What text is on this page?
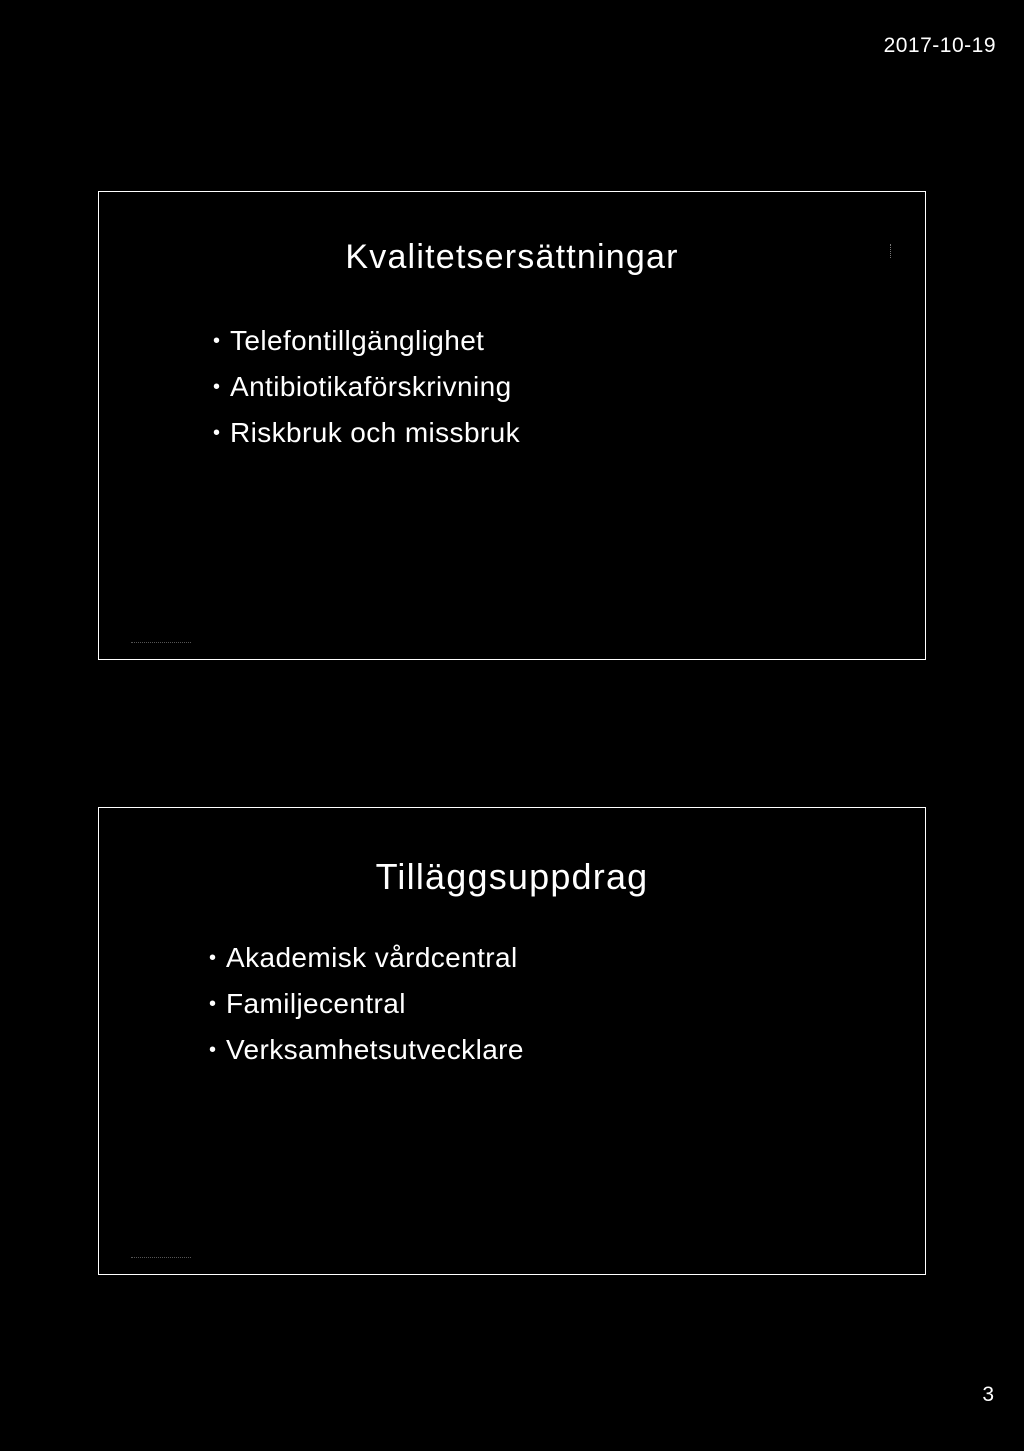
2017-10-19
Kvalitetsersättningar
• Telefontillgänglighet
• Antibiotikaförskrivning
• Riskbruk och missbruk
Tilläggsuppdrag
• Akademisk vårdcentral
• Familjecentral
• Verksamhetsutvecklare
3
